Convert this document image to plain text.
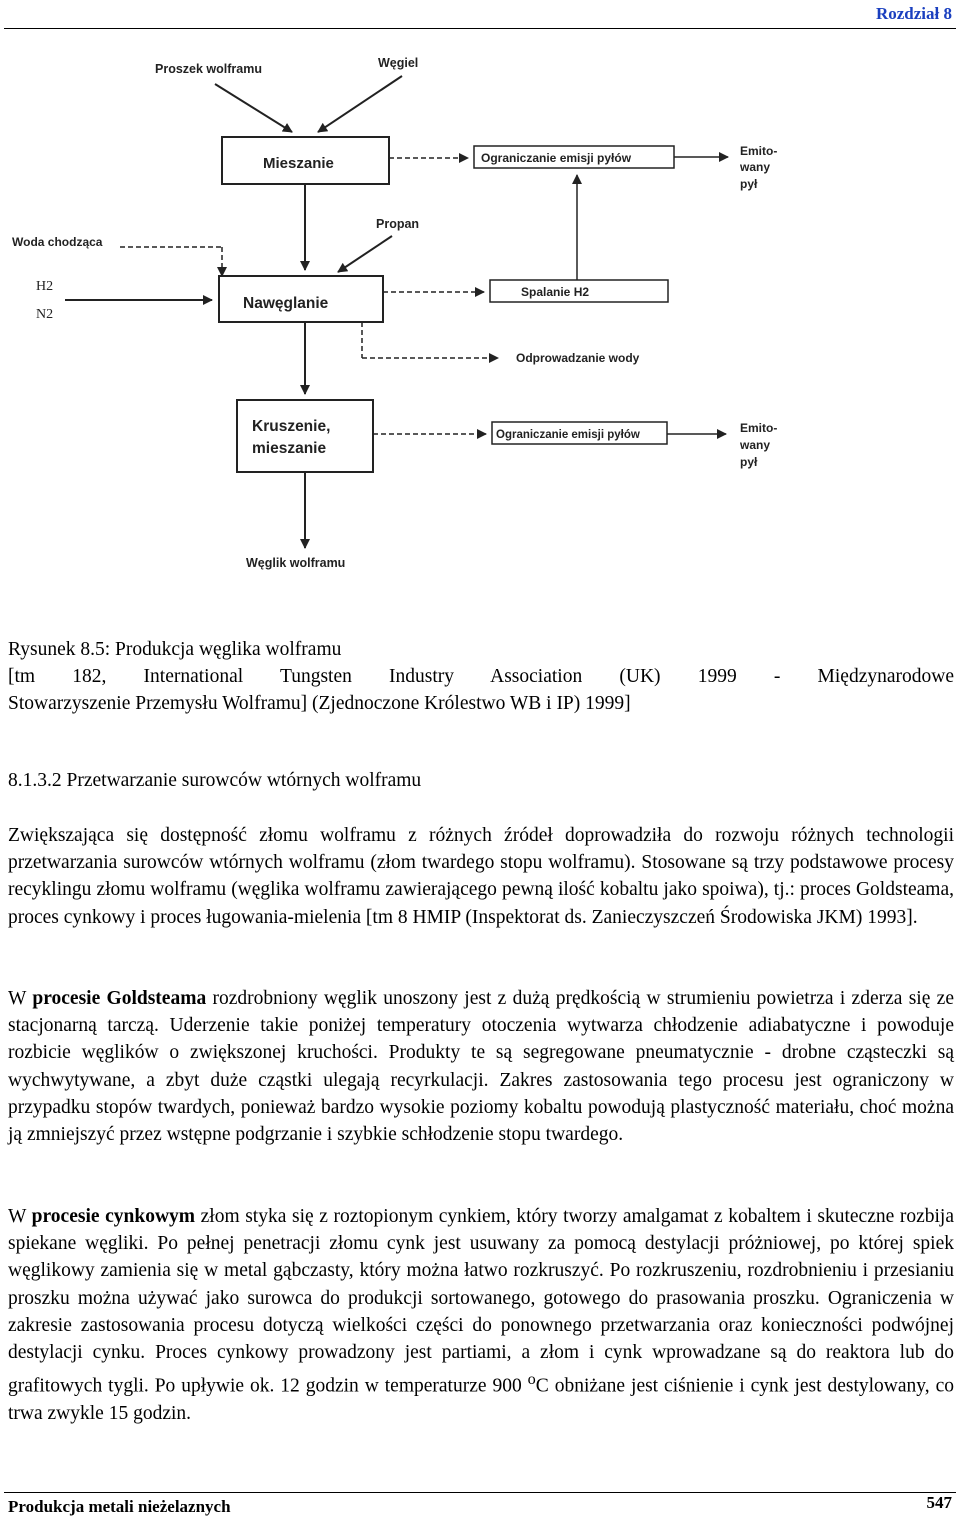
Rozdział 8
Proszek wolframu	Węgiel
Mieszanie	Ograniczanie emisji pyłów	Emito-
wany
pył
Propan
Woda chodząca
H2
N2
Nawęglanie
Spalanie H2
Odprowadzanie wody
Kruszenie,
mieszanie
Ograniczanie emisji pyłów	Emito-
wany
pył
Węglik wolframu
Rysunek 8.5: Produkcja węglika wolframu
[tm 182, International Tungsten Industry Association (UK) 1999 - Międzynarodowe
Stowarzyszenie Przemysłu Wolframu] (Zjednoczone Królestwo WB i IP) 1999]
8.1.3.2 Przetwarzanie surowców wtórnych wolframu
Zwiększająca się dostępność złomu wolframu z różnych źródeł doprowadziła do rozwoju różnych technologii przetwarzania surowców wtórnych wolframu (złom twardego stopu wolframu). Stosowane są trzy podstawowe procesy recyklingu złomu wolframu (węglika wolframu zawierającego pewną ilość kobaltu jako spoiwa), tj.: proces Goldsteama, proces cynkowy i proces ługowania-mielenia [tm 8 HMIP (Inspektorat ds. Zanieczyszczeń Środowiska JKM) 1993].
W procesie Goldsteama rozdrobniony węglik unoszony jest z dużą prędkością w strumieniu powietrza i zderza się ze stacjonarną tarczą. Uderzenie takie poniżej temperatury otoczenia wytwarza chłodzenie adiabatyczne i powoduje rozbicie węglików o zwiększonej kruchości. Produkty te są segregowane pneumatycznie - drobne cząsteczki są wychwytywane, a zbyt duże cząstki ulegają recyrkulacji. Zakres zastosowania tego procesu jest ograniczony w przypadku stopów twardych, ponieważ bardzo wysokie poziomy kobaltu powodują plastyczność materiału, choć można ją zmniejszyć przez wstępne podgrzanie i szybkie schłodzenie stopu twardego.
W procesie cynkowym złom styka się z roztopionym cynkiem, który tworzy amalgamat z kobaltem i skuteczne rozbija spiekane węgliki. Po pełnej penetracji złomu cynk jest usuwany za pomocą destylacji próżniowej, po której spiek węglikowy zamienia się w metal gąbczasty, który można łatwo rozkruszyć. Po rozkruszeniu, rozdrobnieniu i przesianiu proszku można używać jako surowca do produkcji sortowanego, gotowego do prasowania proszku. Ograniczenia w zakresie zastosowania procesu dotyczą wielkości części do ponownego przetwarzania oraz konieczności podwójnej destylacji cynku. Proces cynkowy prowadzony jest partiami, a złom i cynk wprowadzane są do reaktora lub do grafitowych tygli. Po upływie ok. 12 godzin w temperaturze 900 $^o$C obniżane jest ciśnienie i cynk jest destylowany, co trwa zwykle 15 godzin.
Produkcja metali nieżelaznych	547
